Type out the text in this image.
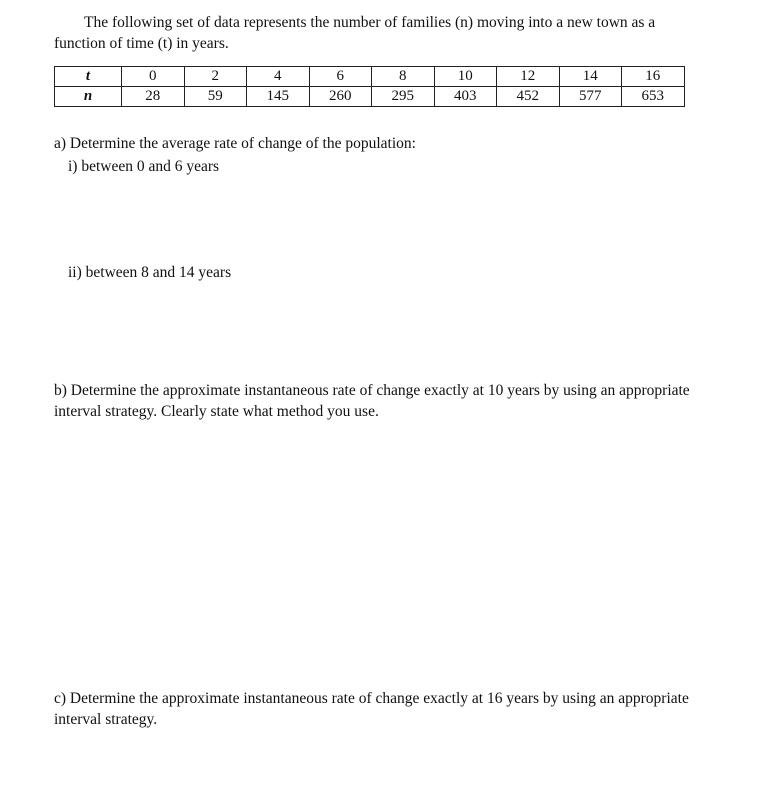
The following set of data represents the number of families (n) moving into a new town as a
function of time (t) in years.
t	0	2	4	6	8	10	12	14	16
n	28	59	145	260	295	403	452	577	653

a) Determine the average rate of change of the population:

i) between 0 and 6 years

ii) between 8 and 14 years

b) Determine the approximate instantaneous rate of change exactly at 10 years by using an appropriate
interval strategy. Clearly state what method you use.
c) Determine the approximate instantaneous rate of change exactly at 16 years by using an appropriate
interval strategy.
